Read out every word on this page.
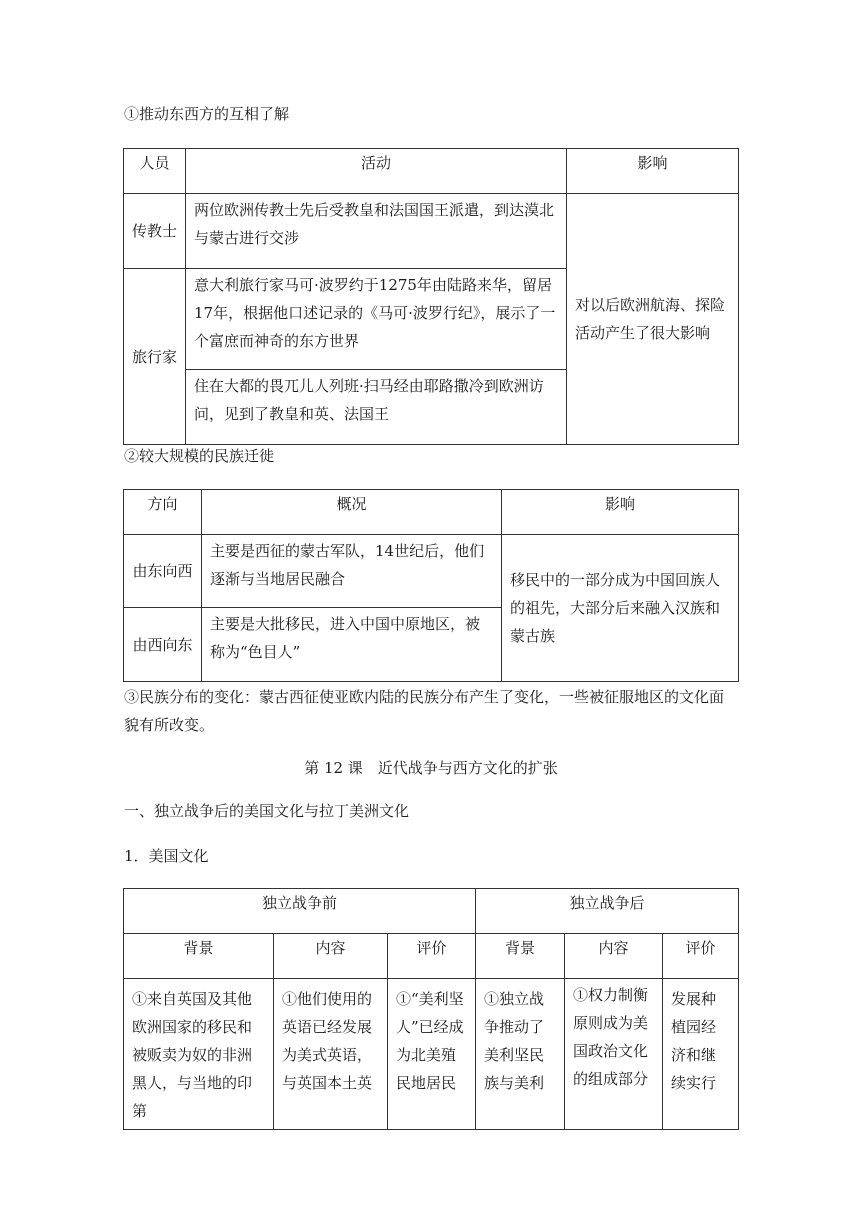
①推动东西方的互相了解
人员	活动	影响
传教士	两位欧洲传教士先后受教皇和法国国王派遣，到达漠北与蒙古进行交涉	对以后欧洲航海、探险活动产生了很大影响
旅行家	意大利旅行家马可·波罗约于1275年由陆路来华，留居17年，根据他口述记录的《马可·波罗行纪》，展示了一个富庶而神奇的东方世界	
	住在大都的畏兀儿人列班·扫马经由耶路撒冷到欧洲访问，见到了教皇和英、法国王	
②较大规模的民族迁徙
方向	概况	影响
由东向西	主要是西征的蒙古军队，14世纪后，他们逐渐与当地居民融合	移民中的一部分成为中国回族人的祖先，大部分后来融入汉族和蒙古族
由西向东	主要是大批移民，进入中国中原地区，被称为“色目人”	
③民族分布的变化：蒙古西征使亚欧内陆的民族分布产生了变化，一些被征服地区的文化面貌有所改变。
第 12 课　近代战争与西方文化的扩张
一、独立战争后的美国文化与拉丁美洲文化
1．美国文化
独立战争前			独立战争后		
背景	内容	评价	背景	内容	评价
①来自英国及其他欧洲国家的移民和被贩卖为奴的非洲黑人，与当地的印第	①他们使用的英语已经发展为美式英语，与英国本土英	①“美利坚人”已经成为北美殖民地居民	①独立战争推动了美利坚民族与美利	①权力制衡原则成为美国政治文化的组成部分	发展种植园经济和继续实行
